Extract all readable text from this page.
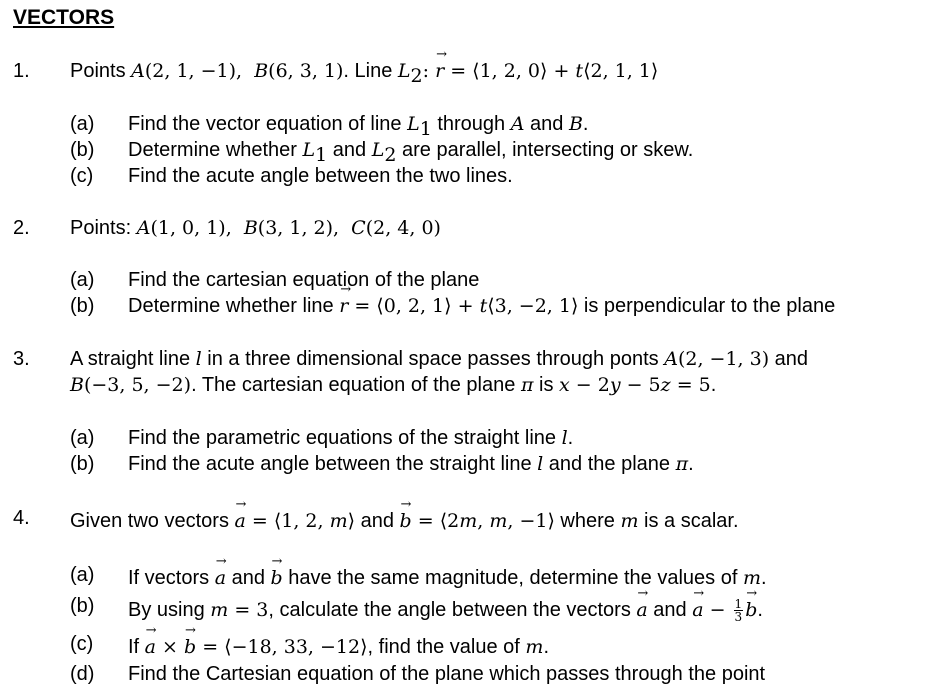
VECTORS
1. Points A(2, 1, −1),  B(6, 3, 1). Line $L_2$: → r = ⟨1, 2, 0⟩ + t⟨2, 1, 1⟩
(a) Find the vector equation of line $L_1$ through A and B.
(b) Determine whether $L_1$ and $L_2$ are parallel, intersecting or skew.
(c) Find the acute angle between the two lines.
2. Points: A(1, 0, 1),  B(3, 1, 2),  C(2, 4, 0)
(a) Find the cartesian equation of the plane
(b) Determine whether line → r = ⟨0, 2, 1⟩ + t⟨3, −2, 1⟩ is perpendicular to the plane
3. A straight line l in a three dimensional space passes through ponts A(2, −1, 3) and
B(−3, 5, −2). The cartesian equation of the plane π is x − 2y − 5z = 5.
(a) Find the parametric equations of the straight line l.
(b) Find the acute angle between the straight line l and the plane π.
4. Given two vectors → a = ⟨1, 2, m⟩ and → b = ⟨2m, m, −1⟩ where m is a scalar.
(a) If vectors → a and → b have the same magnitude, determine the values of m.
(b) By using m = 3, calculate the angle between the vectors → a and → $a - \frac{1}{3}$
→ b.
(c) If → a × → b = ⟨−18, 33, −12⟩, find the value of m.
(d) Find the Cartesian equation of the plane which passes through the point
